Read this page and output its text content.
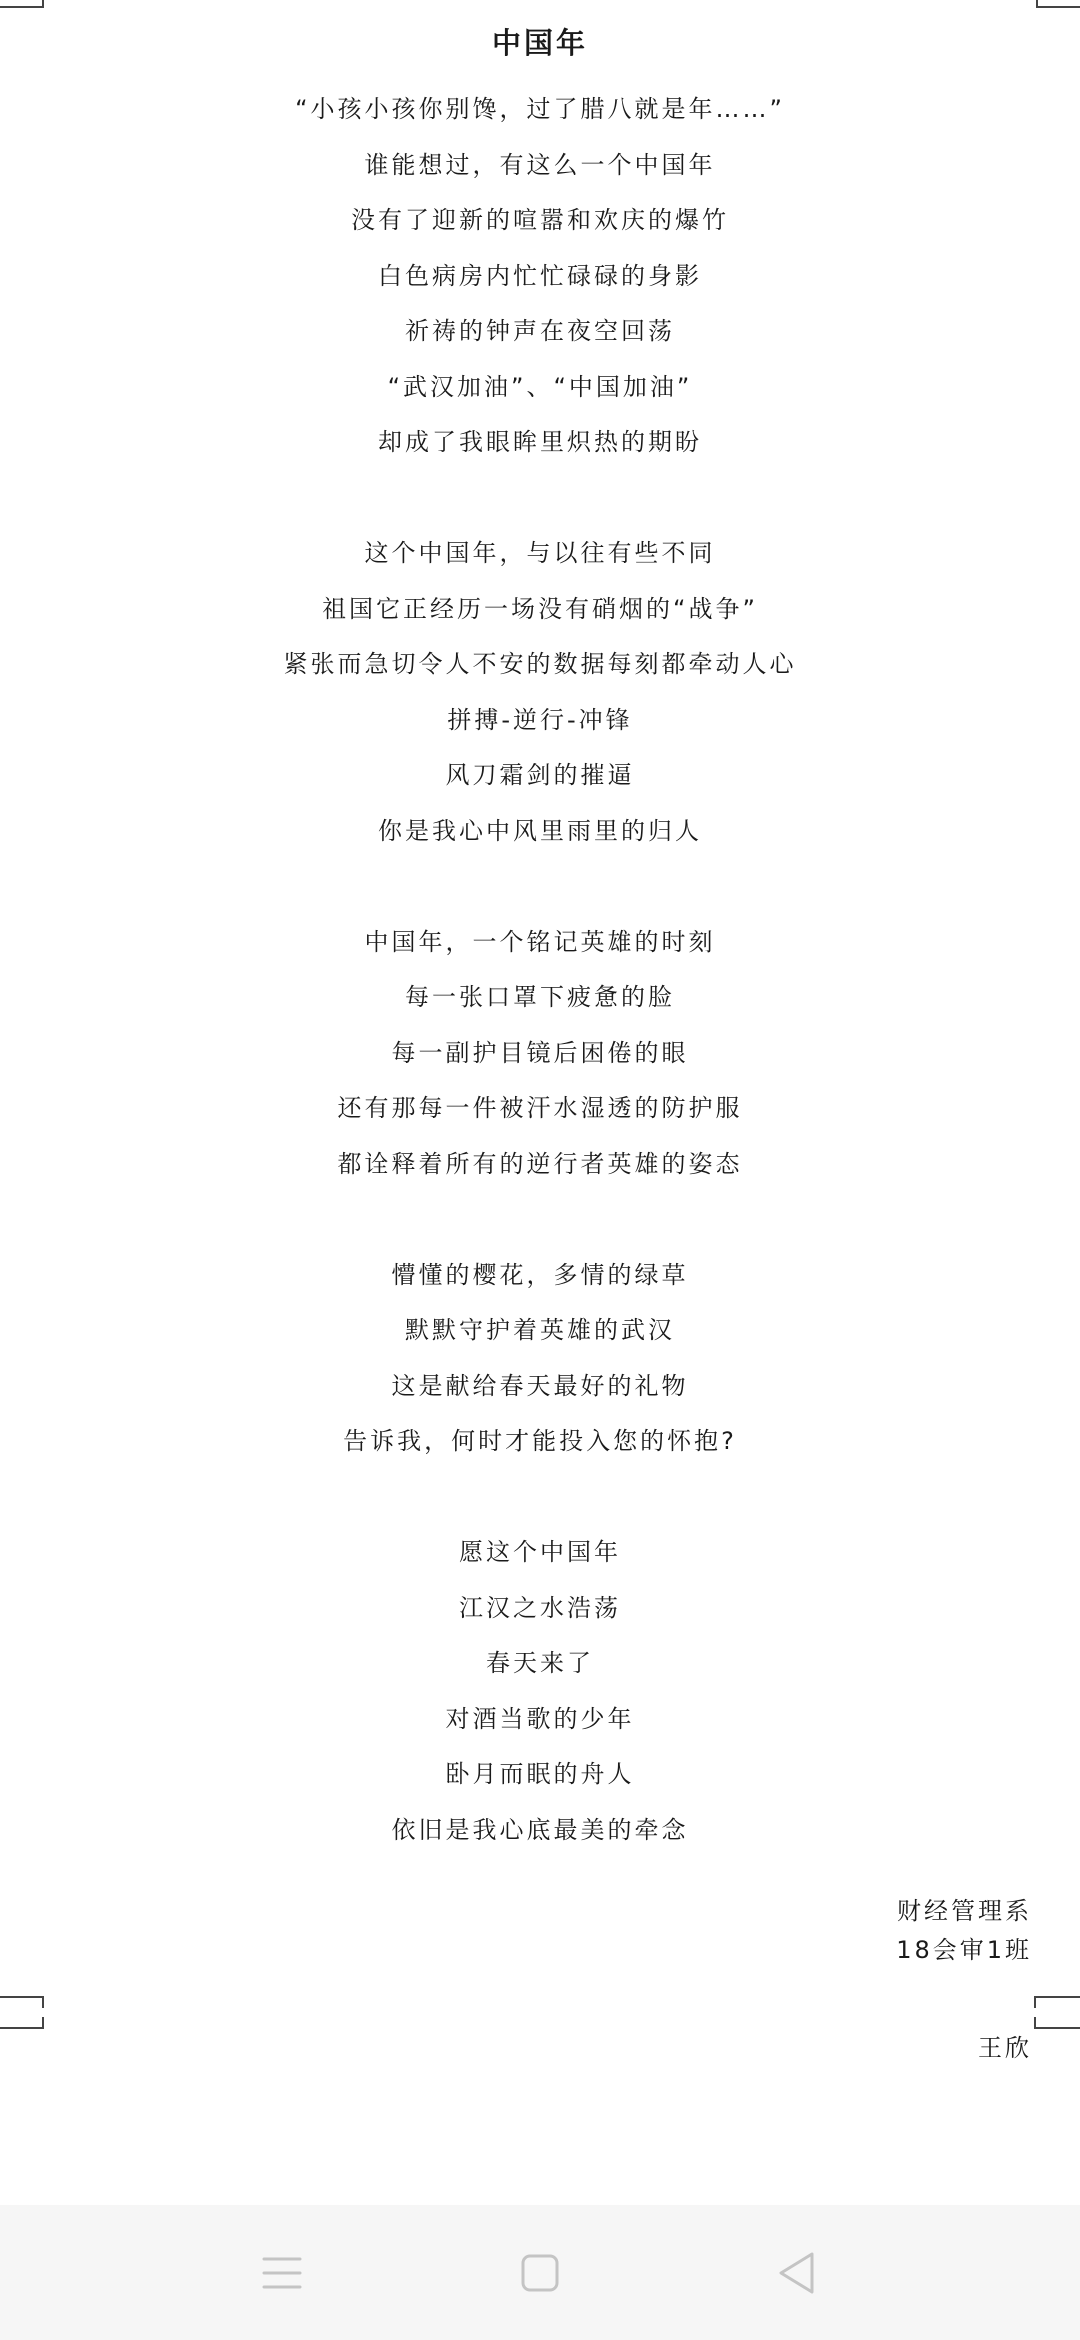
中国年
“小孩小孩你别馋，过了腊八就是年……”
谁能想过，有这么一个中国年
没有了迎新的喧嚣和欢庆的爆竹
白色病房内忙忙碌碌的身影
祈祷的钟声在夜空回荡
“武汉加油”、“中国加油”
却成了我眼眸里炽热的期盼
这个中国年，与以往有些不同
祖国它正经历一场没有硝烟的“战争”
紧张而急切令人不安的数据每刻都牵动人心
拼搏-逆行-冲锋
风刀霜剑的摧逼
你是我心中风里雨里的归人
中国年，一个铭记英雄的时刻
每一张口罩下疲惫的脸
每一副护目镜后困倦的眼
还有那每一件被汗水湿透的防护服
都诠释着所有的逆行者英雄的姿态
懵懂的樱花，多情的绿草
默默守护着英雄的武汉
这是献给春天最好的礼物
告诉我，何时才能投入您的怀抱?
愿这个中国年
江汉之水浩荡
春天来了
对酒当歌的少年
卧月而眠的舟人
依旧是我心底最美的牵念
财经管理系
18会审1班
王欣
